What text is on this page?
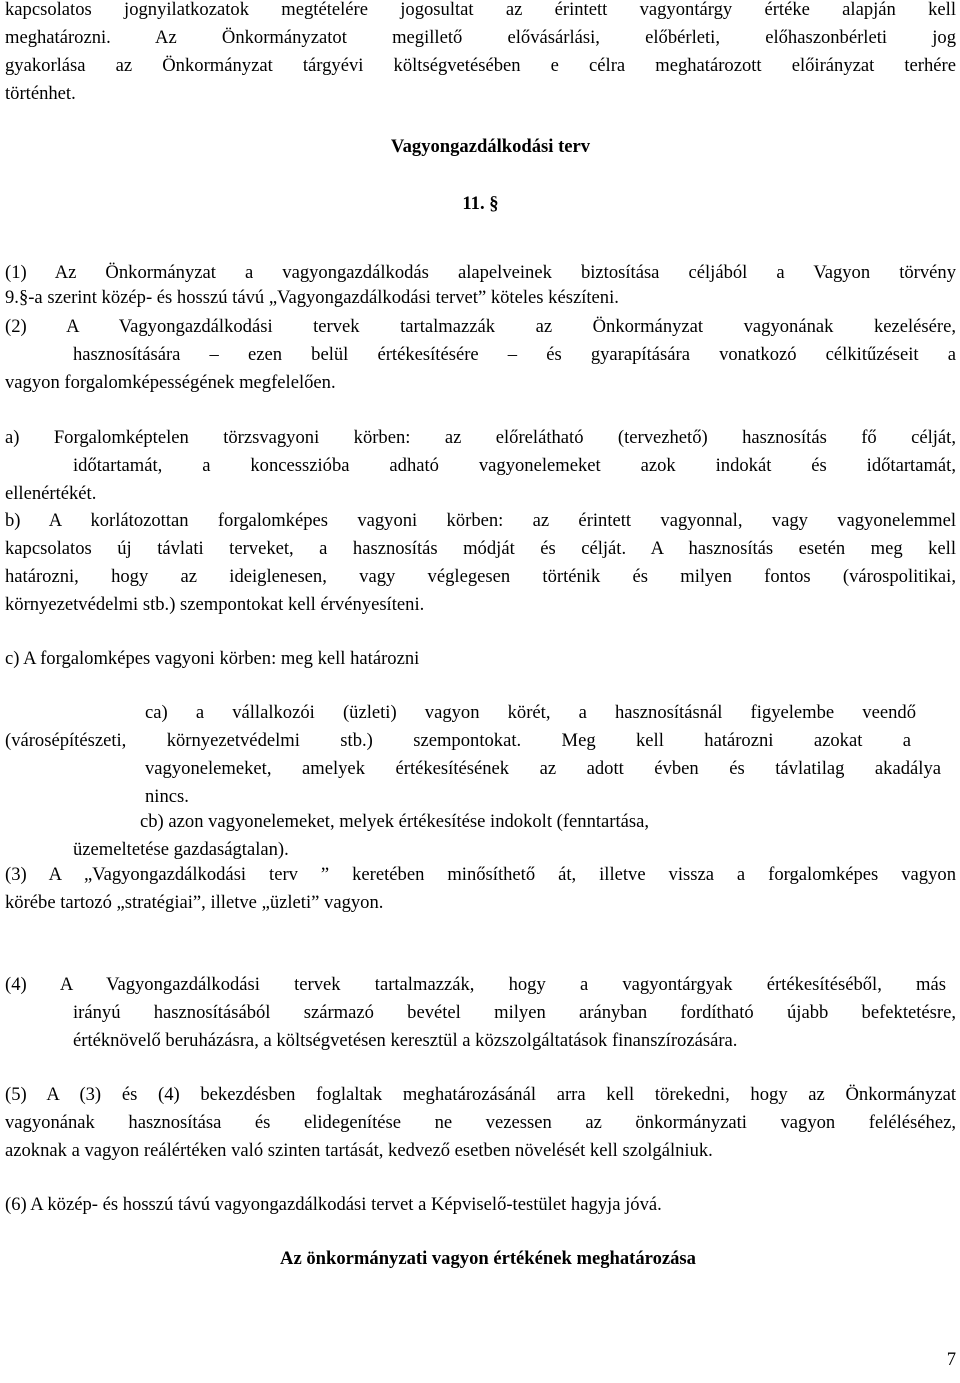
kapcsolatos jognyilatkozatok megtételére jogosultat az érintett vagyontárgy értéke alapján kell
meghatározni. Az Önkormányzatot megillető elővásárlási, előbérleti, előhaszonbérleti jog
gyakorlása az Önkormányzat tárgyévi költségvetésében e célra meghatározott előirányzat terhére
történhet.
Vagyongazdálkodási terv
11. §
(1) Az Önkormányzat a vagyongazdálkodás alapelveinek biztosítása céljából a Vagyon törvény
9.§-a szerint közép- és hosszú távú „Vagyongazdálkodási tervet” köteles készíteni.
(2) A Vagyongazdálkodási tervek tartalmazzák az Önkormányzat vagyonának kezelésére,
hasznosítására – ezen belül értékesítésére – és gyarapítására vonatkozó célkitűzéseit a
vagyon forgalomképességének megfelelően.
a) Forgalomképtelen törzsvagyoni körben: az előrelátható (tervezhető) hasznosítás fő célját,
időtartamát, a koncesszióba adható vagyonelemeket azok indokát és időtartamát,
ellenértékét.
b) A korlátozottan forgalomképes vagyoni körben: az érintett vagyonnal, vagy vagyonelemmel
kapcsolatos új távlati terveket, a hasznosítás módját és célját. A hasznosítás esetén meg kell
határozni, hogy az ideiglenesen, vagy véglegesen történik és milyen fontos (várospolitikai,
környezetvédelmi stb.) szempontokat kell érvényesíteni.
c) A forgalomképes vagyoni körben: meg kell határozni
ca) a vállalkozói (üzleti) vagyon körét, a hasznosításnál figyelembe veendő
(városépítészeti, környezetvédelmi stb.) szempontokat. Meg kell határozni azokat a
vagyonelemeket, amelyek értékesítésének az adott évben és távlatilag akadálya
nincs.
cb) azon vagyonelemeket, melyek értékesítése indokolt (fenntartása,
üzemeltetése gazdaságtalan).
(3) A „Vagyongazdálkodási terv ” keretében minősíthető át, illetve vissza a forgalomképes vagyon
körébe tartozó „stratégiai”, illetve „üzleti” vagyon.
(4) A Vagyongazdálkodási tervek tartalmazzák, hogy a vagyontárgyak értékesítéséből, más
irányú hasznosításából származó bevétel milyen arányban fordítható újabb befektetésre,
értéknövelő beruházásra, a költségvetésen keresztül a közszolgáltatások finanszírozására.
(5) A (3) és (4) bekezdésben foglaltak meghatározásánál arra kell törekedni, hogy az Önkormányzat
vagyonának hasznosítása és elidegenítése ne vezessen az önkormányzati vagyon feléléséhez,
azoknak a vagyon reálértéken való szinten tartását, kedvező esetben növelését kell szolgálniuk.
(6) A közép- és hosszú távú vagyongazdálkodási tervet a Képviselő-testület hagyja jóvá.
Az önkormányzati vagyon értékének meghatározása
7
